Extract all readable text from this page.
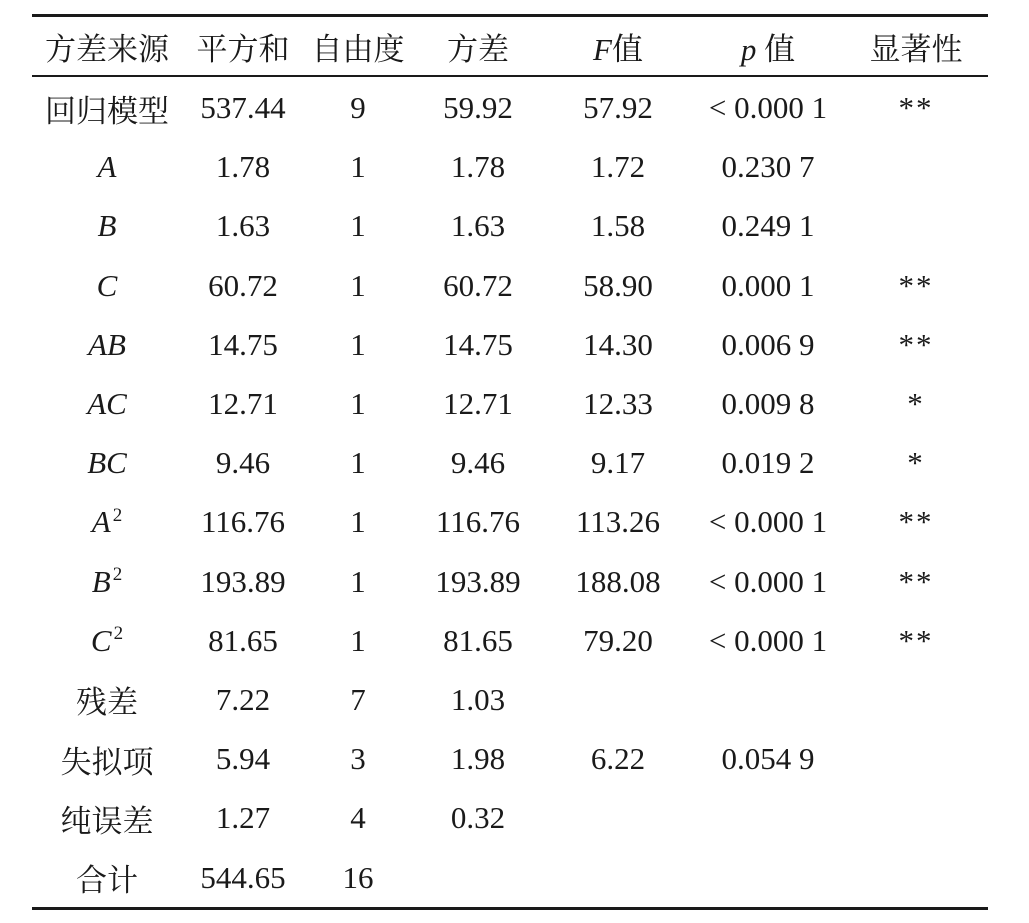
方差来源	平方和	自由度	方差	F值	p 值	显著性
回归模型	537.44	9	59.92	57.92	< 0.000 1	**
A	1.78	1	1.78	1.72	0.230 7	
B	1.63	1	1.63	1.58	0.249 1	
C	60.72	1	60.72	58.90	0.000 1	**
AB	14.75	1	14.75	14.30	0.006 9	**
AC	12.71	1	12.71	12.33	0.009 8	*
BC	9.46	1	9.46	9.17	0.019 2	*
A $^2$	116.76	1	116.76	113.26	< 0.000 1	**
B $^2$	193.89	1	193.89	188.08	< 0.000 1	**
C $^2$	81.65	1	81.65	79.20	< 0.000 1	**
残差	7.22	7	1.03			
失拟项	5.94	3	1.98	6.22	0.054 9	
纯误差	1.27	4	0.32			
合计	544.65	16				
